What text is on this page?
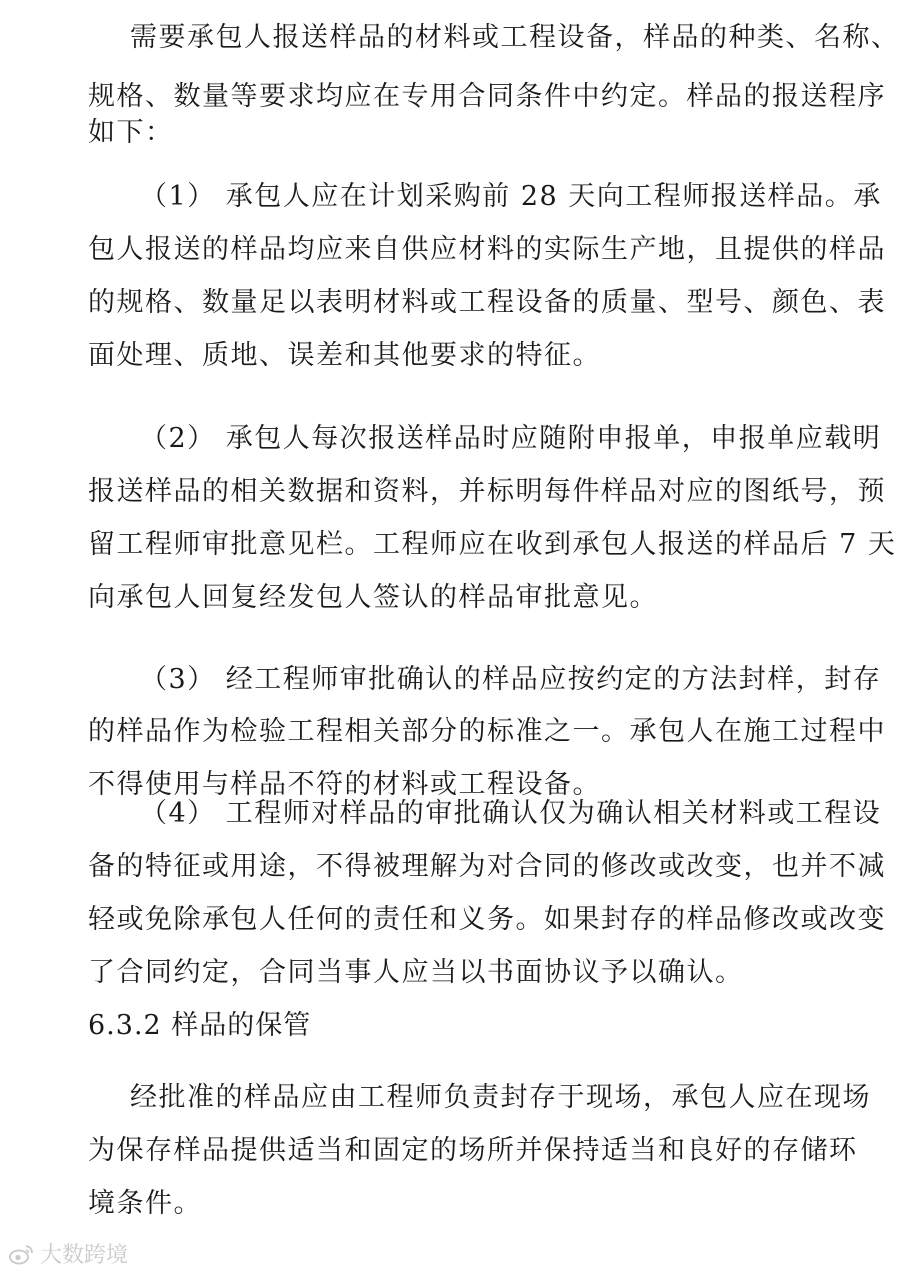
需要承包人报送样品的材料或工程设备，样品的种类、名称、
规格、数量等要求均应在专用合同条件中约定。样品的报送程序
如下：
（1） 承包人应在计划采购前 28 天向工程师报送样品。承
包人报送的样品均应来自供应材料的实际生产地，且提供的样品
的规格、数量足以表明材料或工程设备的质量、型号、颜色、表
面处理、质地、误差和其他要求的特征。
（2） 承包人每次报送样品时应随附申报单，申报单应载明
报送样品的相关数据和资料，并标明每件样品对应的图纸号，预
留工程师审批意见栏。工程师应在收到承包人报送的样品后 7 天
向承包人回复经发包人签认的样品审批意见。
（3） 经工程师审批确认的样品应按约定的方法封样，封存
的样品作为检验工程相关部分的标准之一。承包人在施工过程中
不得使用与样品不符的材料或工程设备。
（4） 工程师对样品的审批确认仅为确认相关材料或工程设
备的特征或用途，不得被理解为对合同的修改或改变，也并不减
轻或免除承包人任何的责任和义务。如果封存的样品修改或改变
6.3.2 样品的保管
经批准的样品应由工程师负责封存于现场，承包人应在现场
为保存样品提供适当和固定的场所并保持适当和良好的存储环
境条件。
了合同约定，合同当事人应当以书面协议予以确认。
大数跨境
